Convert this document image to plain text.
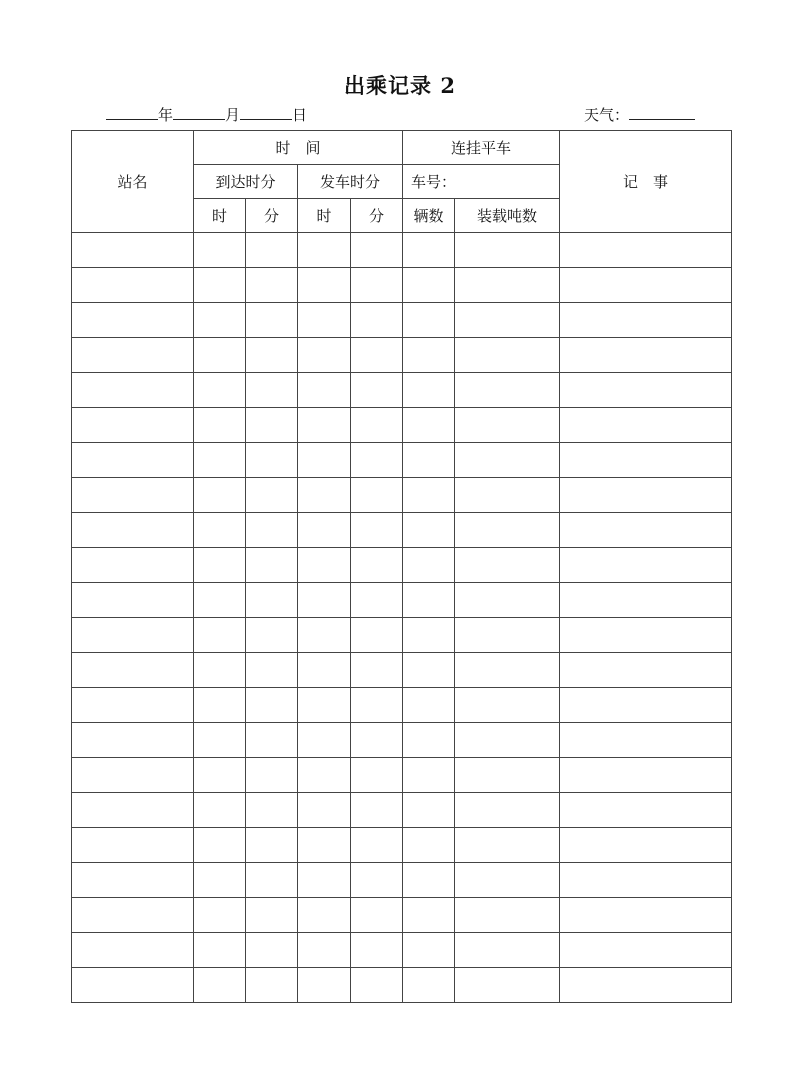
出乘记录 2
年	月	日	天气：
站名	时　间				连挂平车		记　事
	到达时分		发车时分		车号：		
	时	分	时	分	辆数	装载吨数	
